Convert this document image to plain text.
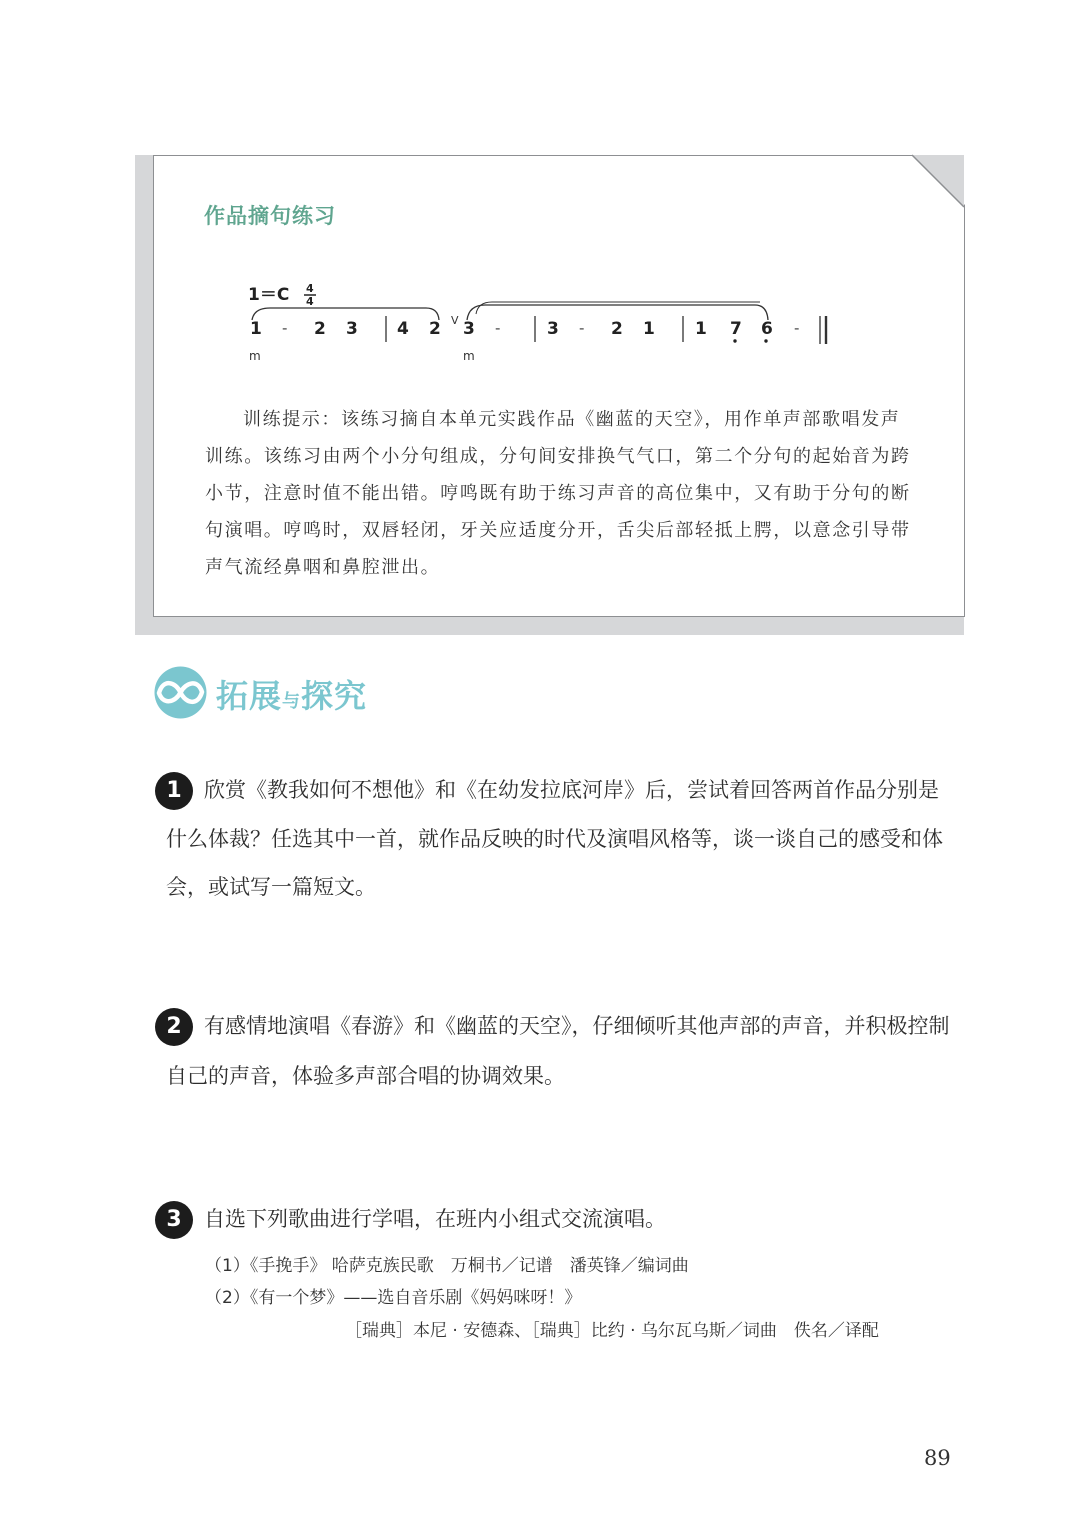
作品摘句练习
1＝C 4
4
V
1 - 2 3 4 2 3 -	3 - 2 1 1 7 6 -
m	m
训练提示：该练习摘自本单元实践作品《幽蓝的天空》，用作单声部歌唱发声训练。该练习由两个小分句组成，分句间安排换气气口，第二个分句的起始音为跨小节，注意时值不能出错。哼鸣既有助于练习声音的高位集中，又有助于分句的断句演唱。哼鸣时，双唇轻闭，牙关应适度分开，舌尖后部轻抵上腭，以意念引导带声气流经鼻咽和鼻腔泄出。
拓展与探究
1	欣赏《教我如何不想他》和《在幼发拉底河岸》后，尝试着回答两首作品分别是
什么体裁？任选其中一首，就作品反映的时代及演唱风格等，谈一谈自己的感受和体
会，或试写一篇短文。
2	有感情地演唱《春游》和《幽蓝的天空》，仔细倾听其他声部的声音，并积极控制
自己的声音，体验多声部合唱的协调效果。
3	自选下列歌曲进行学唱，在班内小组式交流演唱。
（1）《手挽手》 哈萨克族民歌　万桐书／记谱　潘英锋／编词曲
（2）《有一个梦》——选自音乐剧《妈妈咪呀！》
［瑞典］本尼 · 安德森、［瑞典］比约 · 乌尔瓦乌斯／词曲　佚名／译配
89
